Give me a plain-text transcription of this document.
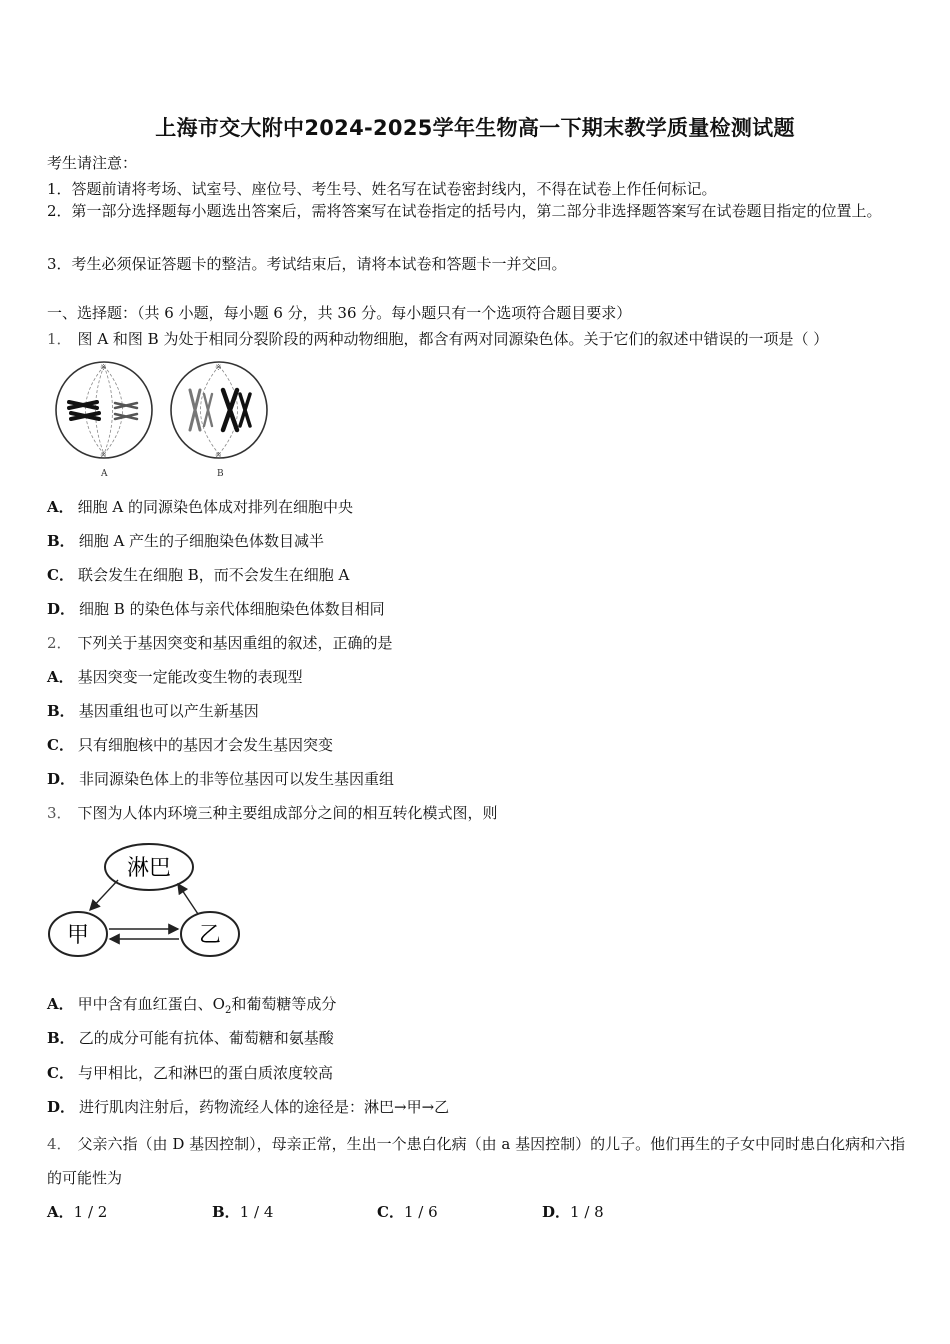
上海市交大附中2024-2025学年生物高一下期末教学质量检测试题
考生请注意：
1．答题前请将考场、试室号、座位号、考生号、姓名写在试卷密封线内，不得在试卷上作任何标记。
2．第一部分选择题每小题选出答案后，需将答案写在试卷指定的括号内，第二部分非选择题答案写在试卷题目指定的位置上。
3．考生必须保证答题卡的整洁。考试结束后，请将本试卷和答题卡一并交回。
一、选择题：（共 6 小题，每小题 6 分，共 36 分。每小题只有一个选项符合题目要求）
1． 图 A 和图 B 为处于相同分裂阶段的两种动物细胞，都含有两对同源染色体。关于它们的叙述中错误的一项是（ ）
※
※
A
※
※
B
A． 细胞 A 的同源染色体成对排列在细胞中央
B． 细胞 A 产生的子细胞染色体数目减半
C． 联会发生在细胞 B，而不会发生在细胞 A
D． 细胞 B 的染色体与亲代体细胞染色体数目相同
2． 下列关于基因突变和基因重组的叙述，正确的是
A． 基因突变一定能改变生物的表现型
B． 基因重组也可以产生新基因
C． 只有细胞核中的基因才会发生基因突变
D． 非同源染色体上的非等位基因可以发生基因重组
3． 下图为人体内环境三种主要组成部分之间的相互转化模式图，则
淋巴
甲	乙
A． 甲中含有血红蛋白、$O_2$和葡萄糖等成分
B． 乙的成分可能有抗体、葡萄糖和氨基酸
C． 与甲相比，乙和淋巴的蛋白质浓度较高
D． 进行肌肉注射后，药物流经人体的途径是：淋巴→甲→乙
4． 父亲六指（由 D 基因控制），母亲正常，生出一个患白化病（由 a 基因控制）的儿子。他们再生的子女中同时患白化病和六指的可能性为
A．1 / 2	B．1 / 4	C．1 / 6	D．1 / 8
